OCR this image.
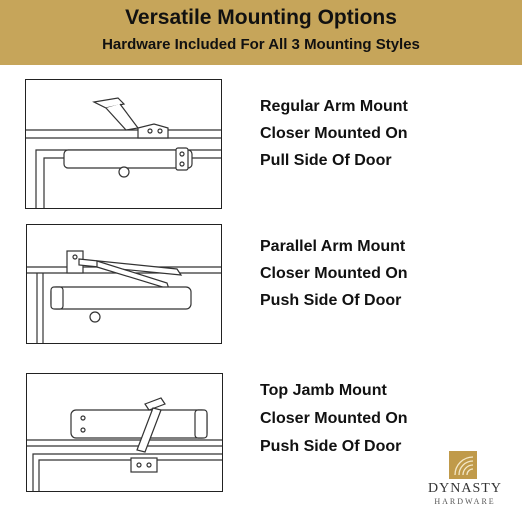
Versatile Mounting Options
Hardware Included For All 3 Mounting Styles
Regular Arm Mount
Closer Mounted On
Pull Side Of Door
Parallel Arm Mount
Closer Mounted On
Push Side Of Door
Top Jamb Mount
Closer Mounted On
Push Side Of Door
DYNASTY
HARDWARE
